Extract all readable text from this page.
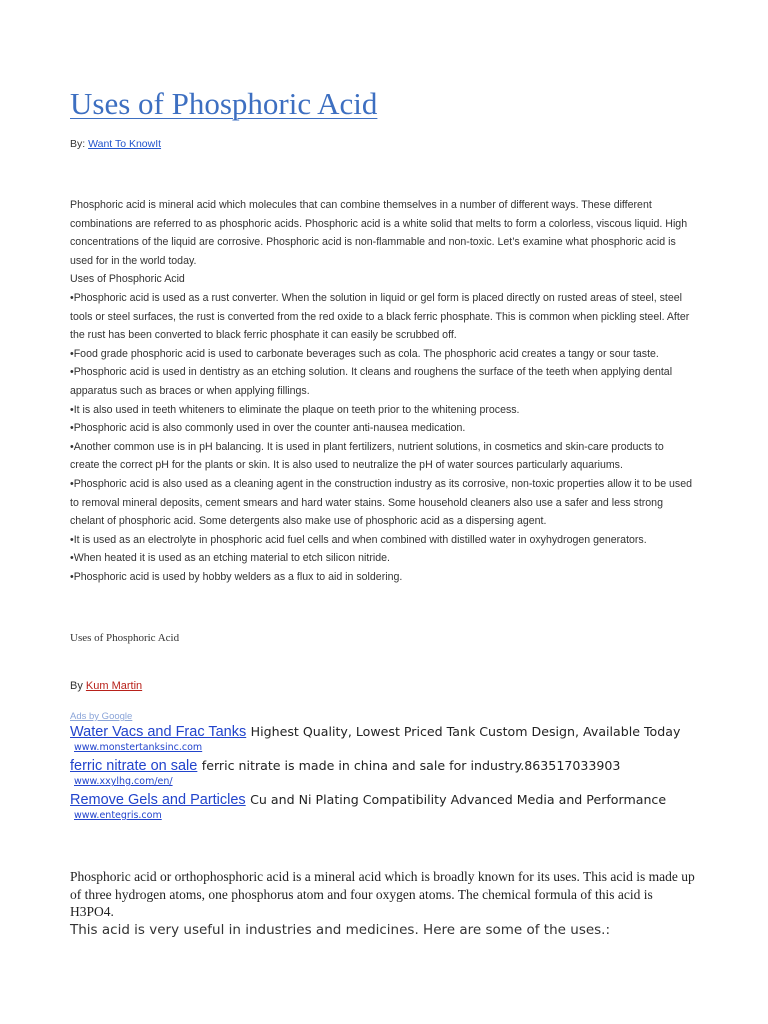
Uses of Phosphoric Acid
By: Want To KnowIt

Phosphoric acid is mineral acid which molecules that can combine themselves in a number of different ways. These different combinations are referred to as phosphoric acids. Phosphoric acid is a white solid that melts to form a colorless, viscous liquid. High concentrations of the liquid are corrosive. Phosphoric acid is non-flammable and non-toxic. Let’s examine what phosphoric acid is used for in the world today.

Uses of Phosphoric Acid

•Phosphoric acid is used as a rust converter. When the solution in liquid or gel form is placed directly on rusted areas of steel, steel tools or steel surfaces, the rust is converted from the red oxide to a black ferric phosphate. This is common when pickling steel. After the rust has been converted to black ferric phosphate it can easily be scrubbed off.

•Food grade phosphoric acid is used to carbonate beverages such as cola. The phosphoric acid creates a tangy or sour taste.

•Phosphoric acid is used in dentistry as an etching solution. It cleans and roughens the surface of the teeth when applying dental apparatus such as braces or when applying fillings.

•It is also used in teeth whiteners to eliminate the plaque on teeth prior to the whitening process.

•Phosphoric acid is also commonly used in over the counter anti-nausea medication.

•Another common use is in pH balancing. It is used in plant fertilizers, nutrient solutions, in cosmetics and skin-care products to create the correct pH for the plants or skin. It is also used to neutralize the pH of water sources particularly aquariums.

•Phosphoric acid is also used as a cleaning agent in the construction industry as its corrosive, non-toxic properties allow it to be used to removal mineral deposits, cement smears and hard water stains. Some household cleaners also use a safer and less strong chelant of phosphoric acid. Some detergents also make use of phosphoric acid as a dispersing agent.

•It is used as an electrolyte in phosphoric acid fuel cells and when combined with distilled water in oxyhydrogen generators.

•When heated it is used as an etching material to etch silicon nitride.

•Phosphoric acid is used by hobby welders as a flux to aid in soldering.

Uses of Phosphoric Acid
By Kum Martin
Ads by Google
Water Vacs and Frac Tanks Highest Quality, Lowest Priced Tank Custom Design, Available Today
www.monstertanksinc.com
ferric nitrate on sale ferric nitrate is made in china and sale for industry.863517033903
www.xxylhg.com/en/
Remove Gels and Particles Cu and Ni Plating Compatibility Advanced Media and Performance
www.entegris.com

Phosphoric acid or orthophosphoric acid is a mineral acid which is broadly known for its uses. This acid is made up of three hydrogen atoms, one phosphorus atom and four oxygen atoms. The chemical formula of this acid is H3PO4.

This acid is very useful in industries and medicines. Here are some of the uses.:
